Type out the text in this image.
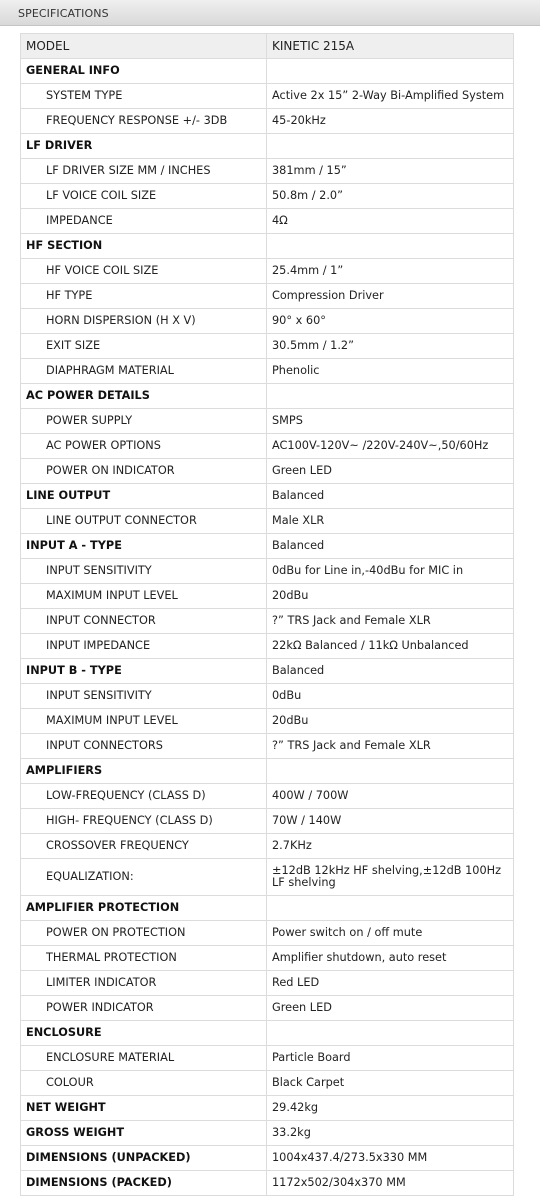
SPECIFICATIONS
MODEL	KINETIC 215A
GENERAL INFO	
SYSTEM TYPE	Active 2x 15” 2-Way Bi-Amplified System
FREQUENCY RESPONSE +/- 3DB	45-20kHz
LF DRIVER	
LF DRIVER SIZE MM / INCHES	381mm / 15”
LF VOICE COIL SIZE	50.8m / 2.0”
IMPEDANCE	4Ω
HF SECTION	
HF VOICE COIL SIZE	25.4mm / 1”
HF TYPE	Compression Driver
HORN DISPERSION (H X V)	90° x 60°
EXIT SIZE	30.5mm / 1.2”
DIAPHRAGM MATERIAL	Phenolic
AC POWER DETAILS	
POWER SUPPLY	SMPS
AC POWER OPTIONS	AC100V-120V~ /220V-240V~,50/60Hz
POWER ON INDICATOR	Green LED
LINE OUTPUT	Balanced
LINE OUTPUT CONNECTOR	Male XLR
INPUT A - TYPE	Balanced
INPUT SENSITIVITY	0dBu for Line in,-40dBu for MIC in
MAXIMUM INPUT LEVEL	20dBu
INPUT CONNECTOR	?” TRS Jack and Female XLR
INPUT IMPEDANCE	22kΩ Balanced / 11kΩ Unbalanced
INPUT B - TYPE	Balanced
INPUT SENSITIVITY	0dBu
MAXIMUM INPUT LEVEL	20dBu
INPUT CONNECTORS	?” TRS Jack and Female XLR
AMPLIFIERS	
LOW-FREQUENCY (CLASS D)	400W / 700W
HIGH- FREQUENCY (CLASS D)	70W / 140W
CROSSOVER FREQUENCY	2.7KHz
EQUALIZATION:	±12dB 12kHz HF shelving,±12dB 100Hz LF shelving
AMPLIFIER PROTECTION	
POWER ON PROTECTION	Power switch on / off mute
THERMAL PROTECTION	Amplifier shutdown, auto reset
LIMITER INDICATOR	Red LED
POWER INDICATOR	Green LED
ENCLOSURE	
ENCLOSURE MATERIAL	Particle Board
COLOUR	Black Carpet
NET WEIGHT	29.42kg
GROSS WEIGHT	33.2kg
DIMENSIONS (UNPACKED)	1004x437.4/273.5x330 MM
DIMENSIONS (PACKED)	1172x502/304x370 MM
